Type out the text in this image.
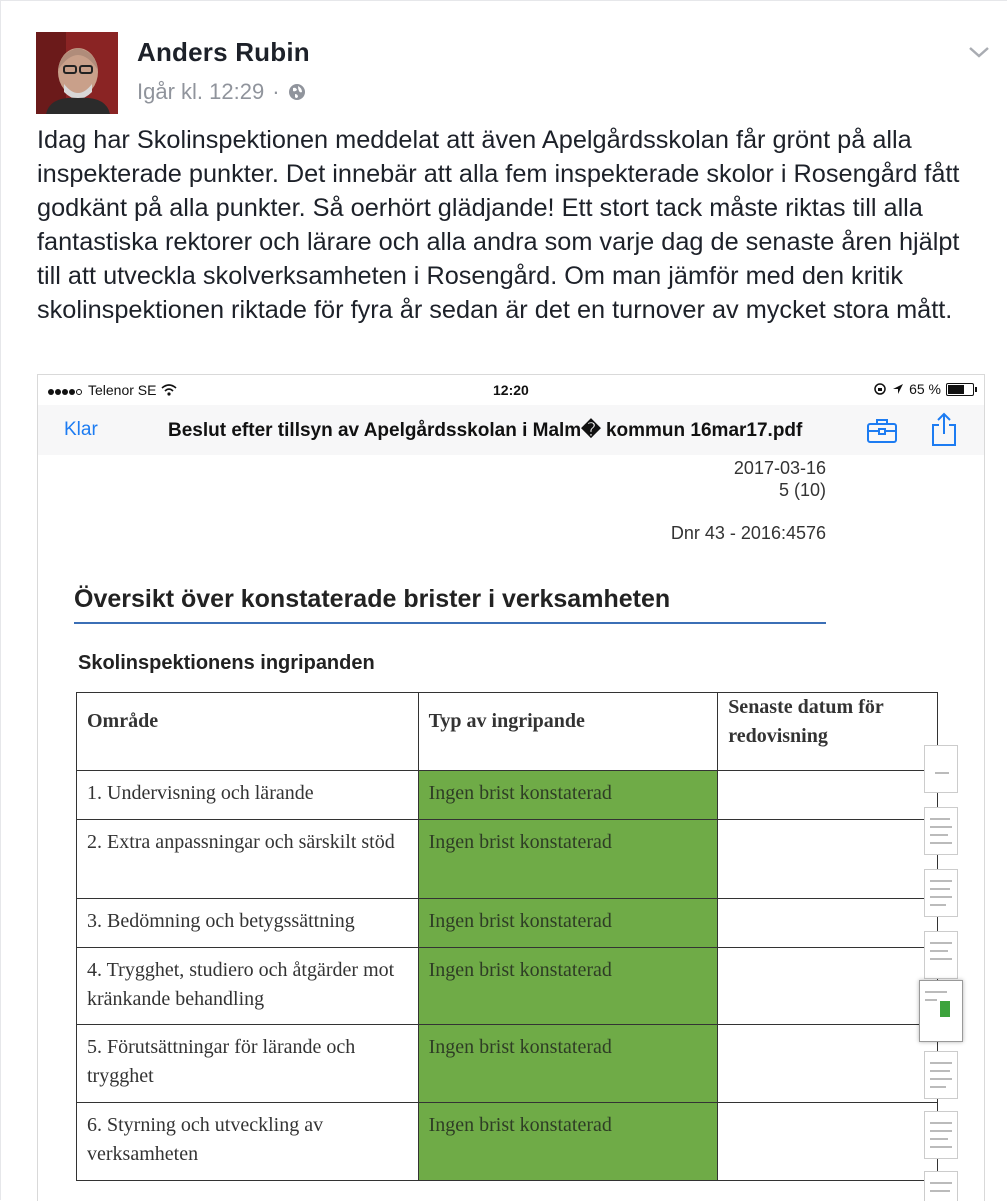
Anders Rubin
Igår kl. 12:29 ·
Idag har Skolinspektionen meddelat att även Apelgårdsskolan får grönt på alla inspekterade punkter. Det innebär att alla fem inspekterade skolor i Rosengård fått godkänt på alla punkter. Så oerhört glädjande! Ett stort tack måste riktas till alla fantastiska rektorer och lärare och alla andra som varje dag de senaste åren hjälpt till att utveckla skolverksamheten i Rosengård. Om man jämför med den kritik skolinspektionen riktade för fyra år sedan är det en turnover av mycket stora mått.
Telenor SE	12:20	65 %
Klar	Beslut efter tillsyn av Apelgårdsskolan i Malm� kommun 16mar17.pdf
2017-03-16
5 (10)
Dnr 43 - 2016:4576
Översikt över konstaterade brister i verksamheten
Skolinspektionens ingripanden
Område	Typ av ingripande	Senaste datum för redovisning
1. Undervisning och lärande	Ingen brist konstaterad	
2. Extra anpassningar och särskilt stöd	Ingen brist konstaterad	
3. Bedömning och betygssättning	Ingen brist konstaterad	
4. Trygghet, studiero och åtgärder mot kränkande behandling	Ingen brist konstaterad	
5. Förutsättningar för lärande och trygghet	Ingen brist konstaterad	
6. Styrning och utveckling av verksamheten	Ingen brist konstaterad	
